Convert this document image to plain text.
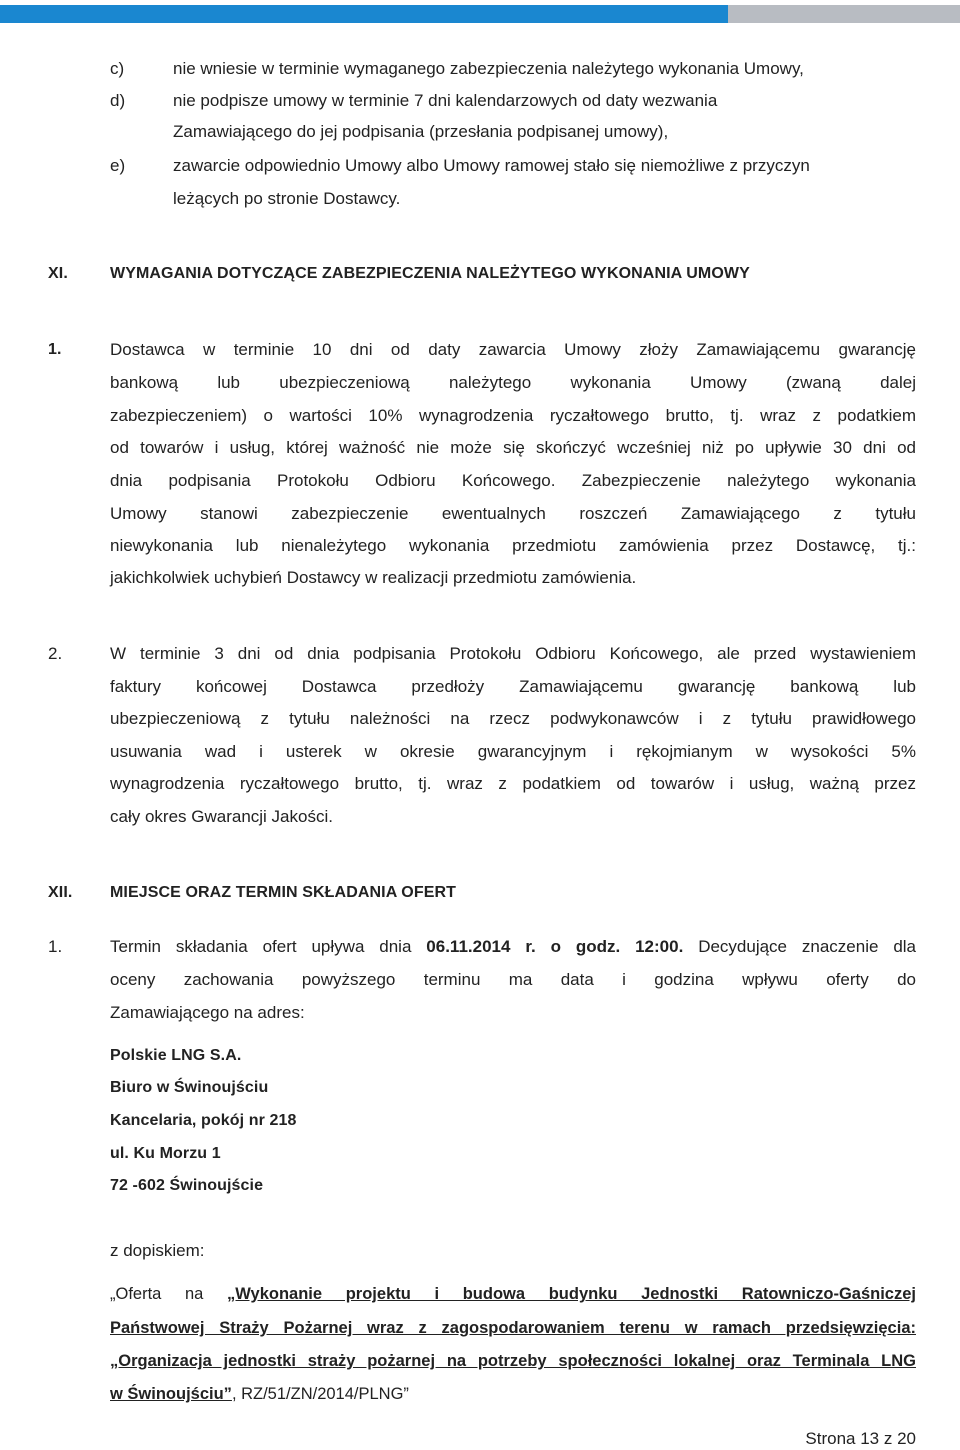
c)	nie wniesie w terminie wymaganego zabezpieczenia należytego wykonania Umowy,
d)	nie podpisze umowy w terminie 7 dni kalendarzowych od daty wezwania
Zamawiającego do jej podpisania (przesłania podpisanej umowy),
e)	zawarcie odpowiednio Umowy albo Umowy ramowej stało się niemożliwe z przyczyn
leżących po stronie Dostawcy.
XI.	WYMAGANIA DOTYCZĄCE ZABEZPIECZENIA NALEŻYTEGO WYKONANIA UMOWY
1.	Dostawca w terminie 10 dni od daty zawarcia Umowy złoży Zamawiającemu gwarancję
bankową lub ubezpieczeniową należytego wykonania Umowy (zwaną dalej
zabezpieczeniem) o wartości 10% wynagrodzenia ryczałtowego brutto, tj. wraz z podatkiem
od towarów i usług, której ważność nie może się skończyć wcześniej niż po upływie 30 dni od
dnia podpisania Protokołu Odbioru Końcowego. Zabezpieczenie należytego wykonania
Umowy stanowi zabezpieczenie ewentualnych roszczeń Zamawiającego z tytułu
niewykonania lub nienależytego wykonania przedmiotu zamówienia przez Dostawcę, tj.:
jakichkolwiek uchybień Dostawcy w realizacji przedmiotu zamówienia.
2.	W terminie 3 dni od dnia podpisania Protokołu Odbioru Końcowego, ale przed wystawieniem
faktury końcowej Dostawca przedłoży Zamawiającemu gwarancję bankową lub
ubezpieczeniową z tytułu należności na rzecz podwykonawców i z tytułu prawidłowego
usuwania wad i usterek w okresie gwarancyjnym i rękojmianym w wysokości 5%
wynagrodzenia ryczałtowego brutto, tj. wraz z podatkiem od towarów i usług, ważną przez
cały okres Gwarancji Jakości.
XII. MIEJSCE ORAZ TERMIN SKŁADANIA OFERT
1.	Termin składania ofert upływa dnia 06.11.2014 r. o godz. 12:00. Decydujące znaczenie dla
oceny zachowania powyższego terminu ma data i godzina wpływu oferty do
Zamawiającego na adres:
Polskie LNG S.A.
Biuro w Świnoujściu
Kancelaria, pokój nr 218
ul. Ku Morzu 1
72 -602 Świnoujście
z dopiskiem:
„Oferta na „Wykonanie projektu i budowa budynku Jednostki Ratowniczo-Gaśniczej
Państwowej Straży Pożarnej wraz z zagospodarowaniem terenu w ramach przedsięwzięcia:
„Organizacja jednostki straży pożarnej na potrzeby społeczności lokalnej oraz Terminala LNG
w Świnoujściu”, RZ/51/ZN/2014/PLNG”
Strona 13 z 20
